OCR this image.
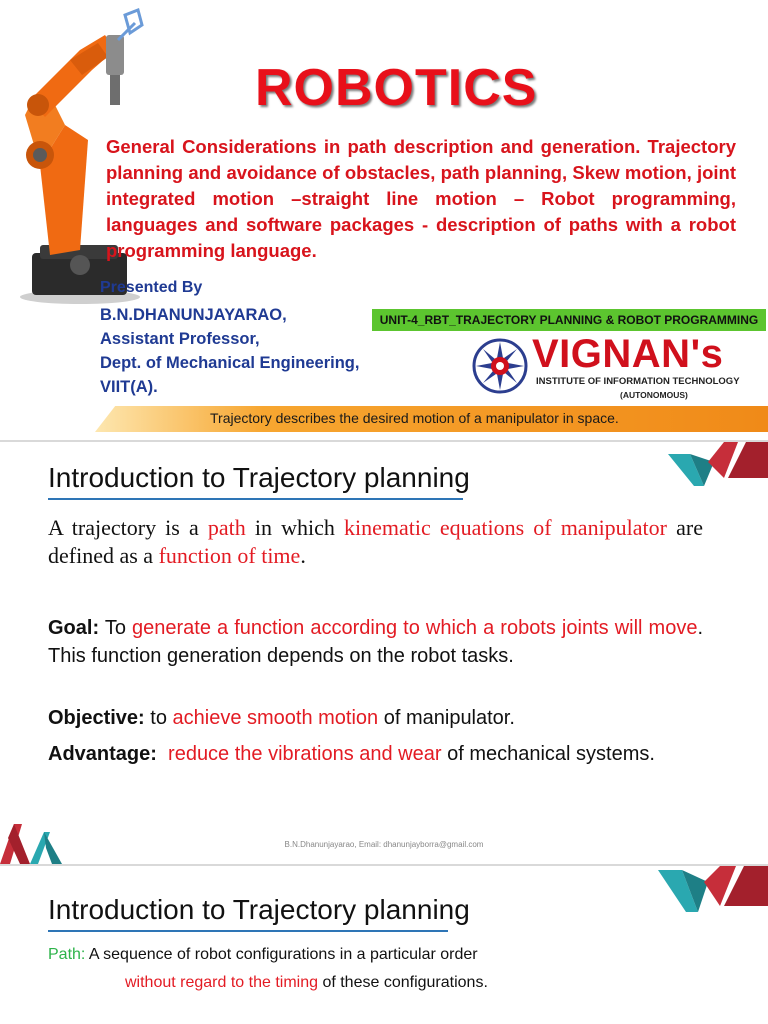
ROBOTICS
General Considerations in path description and generation. Trajectory planning and avoidance of obstacles, path planning, Skew motion, joint integrated motion –straight line motion – Robot programming, languages and software packages - description of paths with a robot programming language.
Presented By
B.N.DHANUNJAYARAO,
Assistant Professor,
Dept. of Mechanical Engineering,
VIIT(A).
UNIT-4_RBT_TRAJECTORY PLANNING & ROBOT PROGRAMMING
VIGNAN's
INSTITUTE OF INFORMATION TECHNOLOGY
(AUTONOMOUS)
Trajectory describes the desired motion of a manipulator in space.
Introduction to Trajectory planning
A trajectory is a path in which kinematic equations of manipulator are defined as a function of time.
Goal: To generate a function according to which a robots joints will move. This function generation depends on the robot tasks.
Objective: to achieve smooth motion of manipulator.
Advantage: reduce the vibrations and wear of mechanical systems.
B.N.Dhanunjayarao, Email: dhanunjayborra@gmail.com
Introduction to Trajectory planning
Path: A sequence of robot configurations in a particular order
without regard to the timing of these configurations.
